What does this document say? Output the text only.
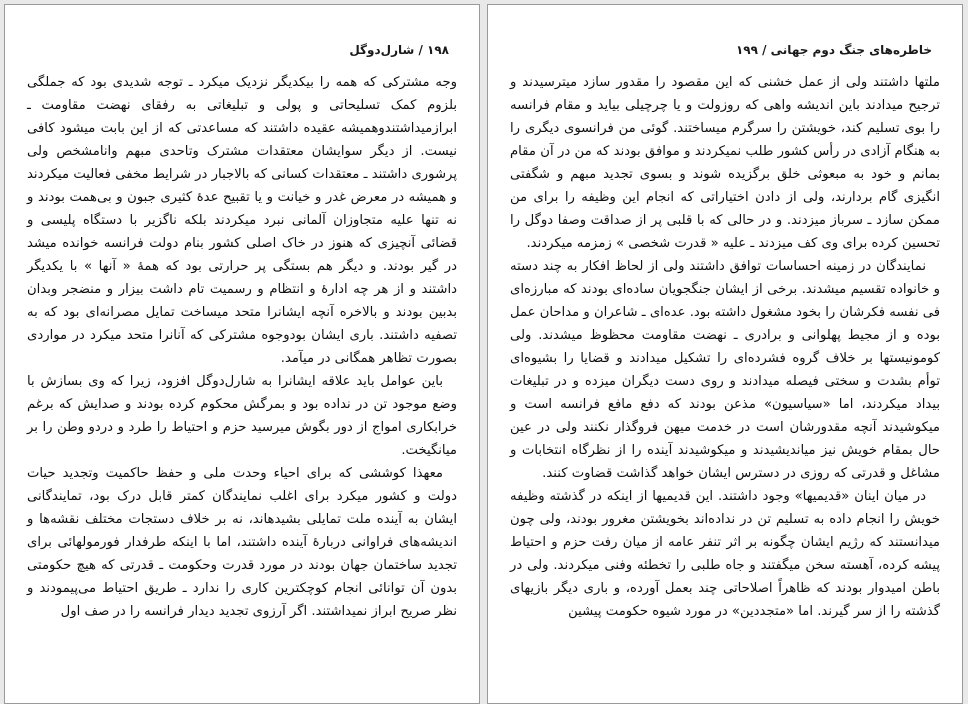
۱۹۸ / شارل‌دوگل

وجه مشترکی که همه را بیکدیگر نزدیک میکرد ـ توجه شدیدی بود که جملگی بلزوم کمک تسلیحاتی و پولی و تبلیغاتی به رفقای نهضت مقاومت ـ ابرازمیداشتندوهمیشه عقیده داشتند که مساعدتی که از این بابت میشود کافی نیست. از دیگر سوایشان معتقدات مشترک وتاحدی مبهم وانامشخص ولی پرشوری داشتند ـ معتقدات کسانی که بالاجبار در شرایط مخفی فعالیت میکردند و همیشه در معرض غدر و خیانت و یا تقبیح عدهٔ کثیری جبون و بی‌همت بودند و نه تنها علیه متجاوزان آلمانی نبرد میکردند بلکه ناگزیر با دستگاه پلیسی و قضائی آنچیزی که هنوز در خاک اصلی کشور بنام دولت فرانسه خوانده میشد در گیر بودند. و دیگر هم بستگی پر حرارتی بود که همهٔ « آنها » با یکدیگر داشتند و از هر چه ادارهٔ و انتظام و رسمیت تام داشت بیزار و منضجر وبدان بدبین بودند و بالاخره آنچه ایشانرا متحد میساخت تمایل مصرانه‌ای بود که به تصفیه داشتند. باری ایشان بودوجوه مشترکی که آنانرا متحد میکرد در مواردی بصورت تظاهر همگانی در میآمد.

باین عوامل باید علاقه ایشانرا به شارل‌دوگل افزود، زیرا که وی بسازش با وضع موجود تن در نداده بود و بمرگش محکوم کرده بودند و صدایش که برغم خرابکاری امواج از دور بگوش میرسید حزم و احتیاط را طرد و دردو وطن را بر میانگیخت.

معهذا کوششی که برای احیاء وحدت ملی و حفظ حاکمیت وتجدید حیات دولت و کشور میکرد برای اغلب نمایندگان کمتر قابل درک بود، تمایندگانی ایشان به آینده ملت تمایلی بشیدهاند، نه بر خلاف دستجات مختلف نقشه‌ها و اندیشه‌های فراوانی دربارهٔ آینده داشتند، اما با اینکه طرفدار فورمولهائی برای تجدید ساختمان جهان بودند در مورد قدرت وحکومت ـ قدرتی که هیچ حکومتی بدون آن توانائی انجام کوچکترین کاری را ندارد ـ طریق احتیاط می‌پیمودند و نظر صریح ابراز نمیداشتند. اگر آرزوی تجدید دیدار فرانسه را در صف اول

خاطره‌های جنگ دوم جهانی / ۱۹۹

ملتها داشتند ولی از عمل خشنی که این مقصود را مقدور سازد میترسیدند و ترجیح میدادند باین اندیشه واهی که روزولت و یا چرچیلی بیاید و مقام فرانسه را بوی تسلیم کند، خویشتن را سرگرم میساختند. گوئی من فرانسوی دیگری را به هنگام آزادی در رأس کشور طلب نمیکردند و موافق بودند که من در آن مقام بمانم و خود به مبعوثی خلق برگزیده شوند و بسوی تجدید مبهم و شگفتی انگیزی گام بردارند، ولی از دادن اختیاراتی که انجام این وظیفه را برای من ممکن سازد ـ سرباز میزدند. و در حالی که با قلبی پر از صداقت وصفا دوگل را تحسین کرده برای وی کف میزدند ـ علیه « قدرت شخصی » زمزمه میکردند.

نمایندگان در زمینه احساسات توافق داشتند ولی از لحاظ افکار به چند دسته و خانواده تقسیم میشدند. برخی از ایشان جنگجویان ساده‌ای بودند که مبارزه‌ای فی نفسه فکرشان را بخود مشغول داشته بود. عده‌ای ـ شاعران و مداحان عمل بوده و از مجیط پهلوانی و برادری ـ نهضت مقاومت محظوظ میشدند. ولی کومونیستها بر خلاف گروه فشرده‌ای را تشکیل میدادند و قضایا را بشیوه‌ای توأم بشدت و سختی فیصله میدادند و روی دست دیگران میزده و در تبلیغات بیداد میکردند، اما «سیاسیون» مذعن بودند که دفع مافع فرانسه است و میکوشیدند آنچه مقدورشان است در خدمت میهن فروگذار نکنند ولی در عین حال بمقام خویش نیز میاندیشیدند و میکوشیدند آینده را از نظرگاه انتخابات و مشاغل و قدرتی که روزی در دسترس ایشان خواهد گذاشت قضاوت کنند.

در میان اینان «قدیمیها» وجود داشتند. این قدیمیها از اینکه در گذشته وظیفه خویش را انجام داده به تسلیم تن در نداده‌اند بخویشتن مغرور بودند، ولی چون میدانستند که رژیم ایشان چگونه بر اثر تنفر عامه از میان رفت حزم و احتیاط پیشه کرده، آهسته سخن میگفتند و جاه طلبی را تخطئه وفنی میکردند. ولی در باطن امیدوار بودند که ظاهراً اصلاحاتی چند بعمل آورده، و باری دیگر بازیهای گذشته را از سر گیرند. اما «متجددین» در مورد شیوه حکومت پیشین
